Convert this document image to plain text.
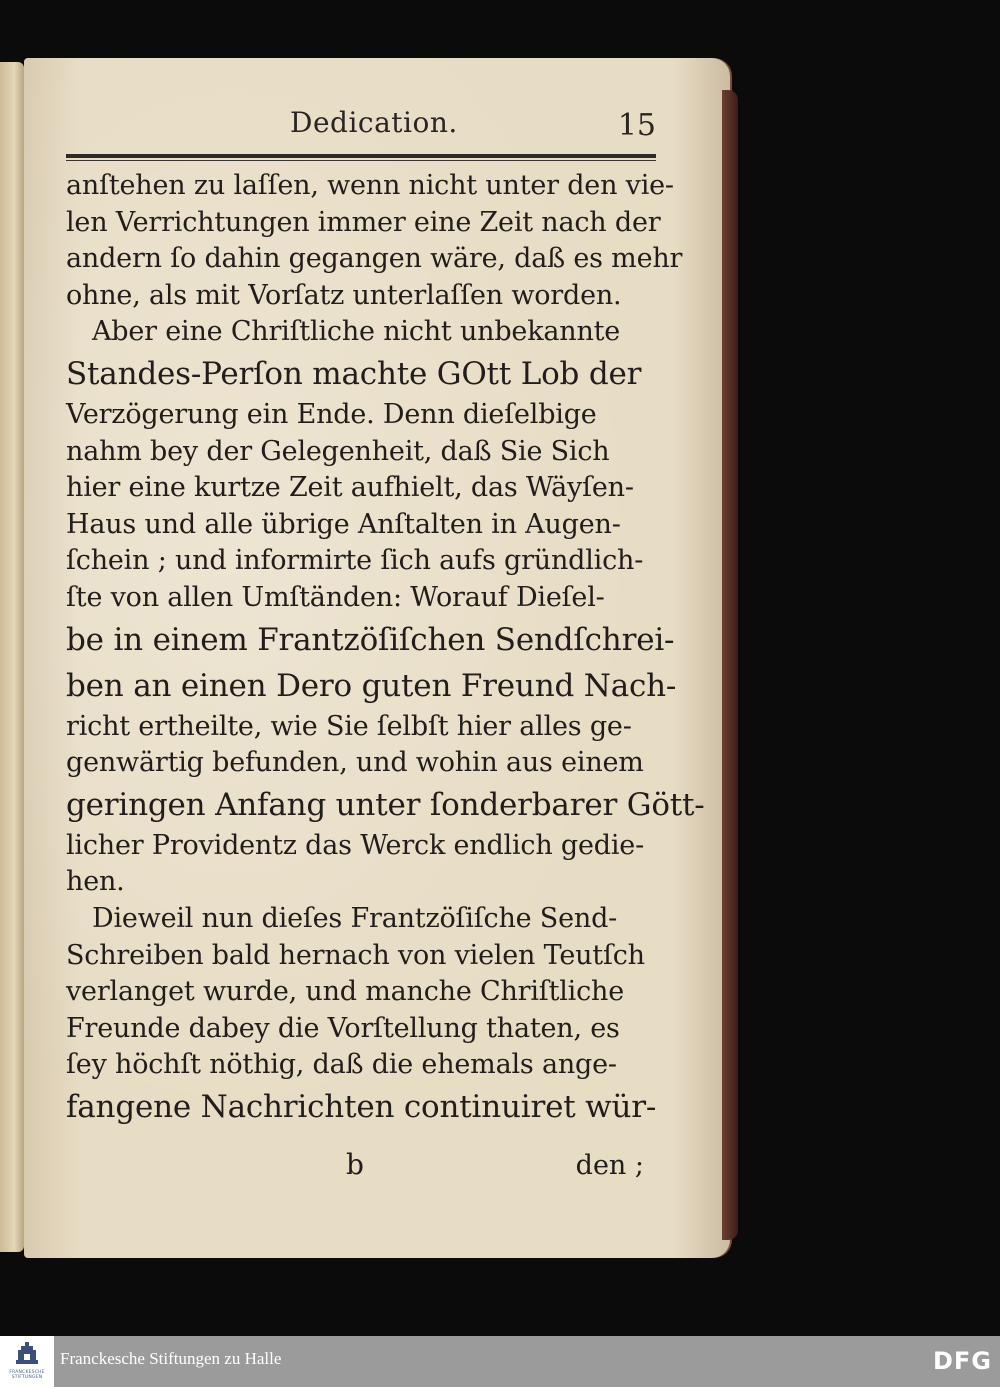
Dedication.	15
anſtehen zu laſſen, wenn nicht unter den vie-
len Verrichtungen immer eine Zeit nach der
andern ſo dahin gegangen wäre, daß es mehr
ohne, als mit Vorſatz unterlaſſen worden.
Aber eine Chriſtliche nicht unbekannte
Standes-Perſon machte GOtt Lob der
Verzögerung ein Ende. Denn dieſelbige
nahm bey der Gelegenheit, daß Sie Sich
hier eine kurtze Zeit aufhielt, das Wäyſen-
Haus und alle übrige Anſtalten in Augen-
ſchein ; und informirte ſich aufs gründlich-
ſte von allen Umſtänden: Worauf Dieſel-
be in einem Frantzöſiſchen Sendſchrei-
ben an einen Dero guten Freund Nach-
richt ertheilte, wie Sie ſelbſt hier alles ge-
genwärtig befunden, und wohin aus einem
geringen Anfang unter ſonderbarer Gött-
licher Providentz das Werck endlich gedie-
hen.
Dieweil nun dieſes Frantzöſiſche Send-
Schreiben bald hernach von vielen Teutſch
verlanget wurde, und manche Chriſtliche
Freunde dabey die Vorſtellung thaten, es
ſey höchſt nöthig, daß die ehemals ange-
fangene Nachrichten continuiret wür-
b	den ;
FRANCKESCHE STIFTUNGEN
Franckesche Stiftungen zu Halle	DFG
